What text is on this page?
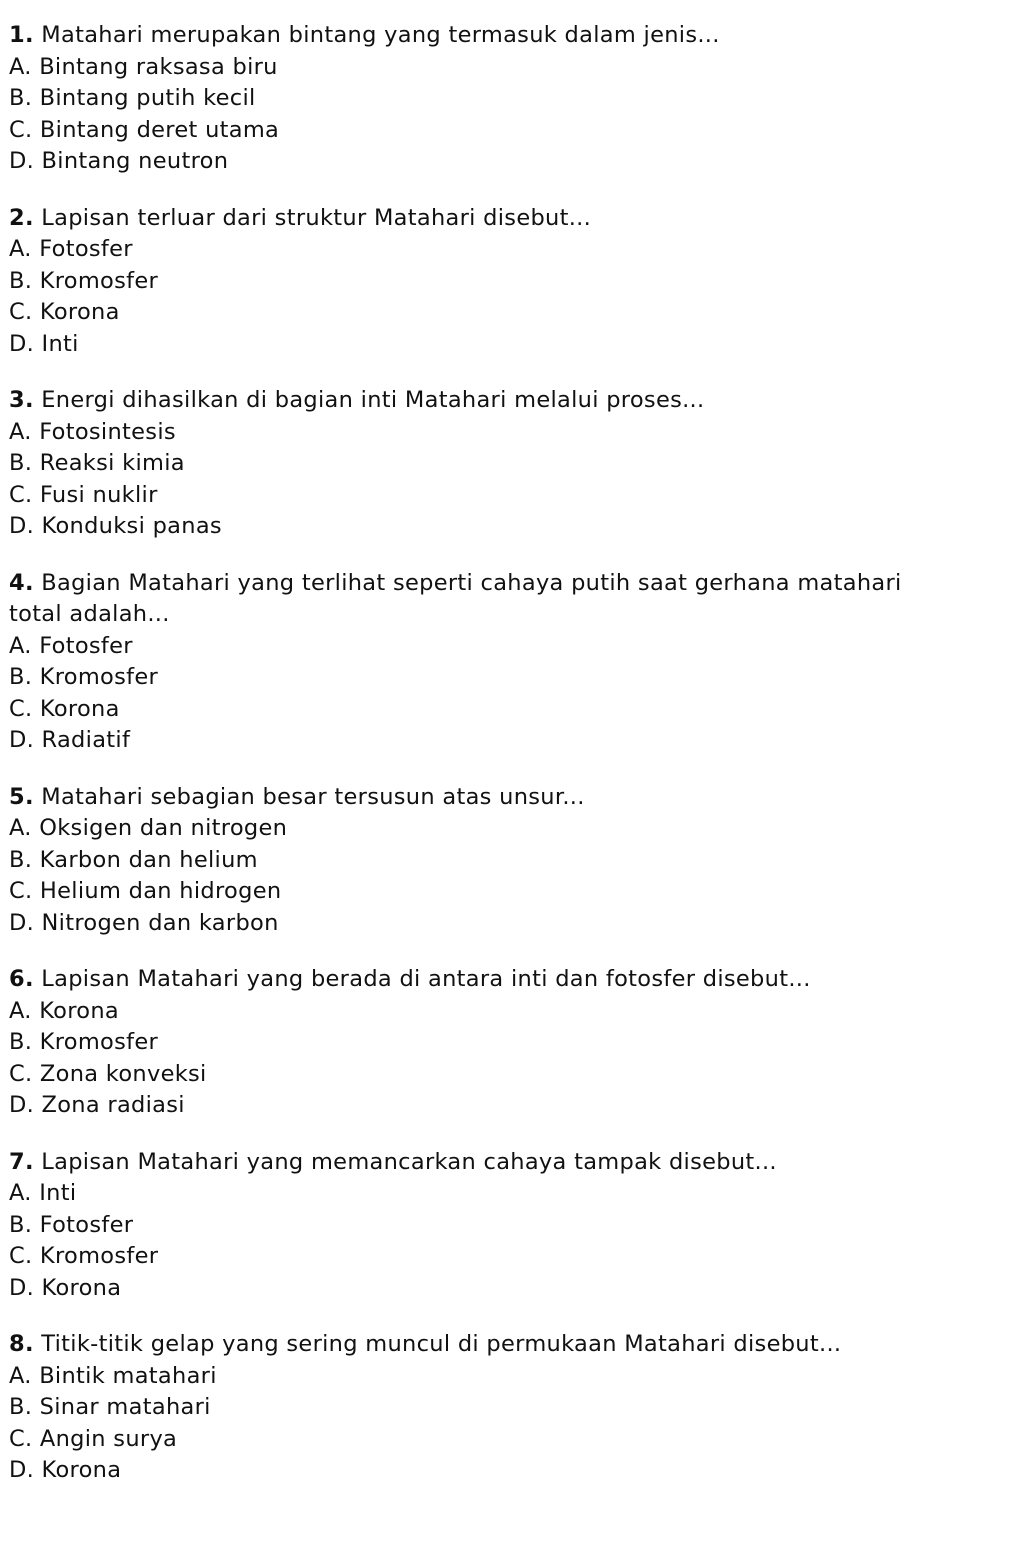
1. Matahari merupakan bintang yang termasuk dalam jenis...

A. Bintang raksasa biru

B. Bintang putih kecil

C. Bintang deret utama

D. Bintang neutron

2. Lapisan terluar dari struktur Matahari disebut...

A. Fotosfer

B. Kromosfer

C. Korona

D. Inti

3. Energi dihasilkan di bagian inti Matahari melalui proses...

A. Fotosintesis

B. Reaksi kimia

C. Fusi nuklir

D. Konduksi panas

4. Bagian Matahari yang terlihat seperti cahaya putih saat gerhana matahari total adalah...

A. Fotosfer

B. Kromosfer

C. Korona

D. Radiatif

5. Matahari sebagian besar tersusun atas unsur...

A. Oksigen dan nitrogen

B. Karbon dan helium

C. Helium dan hidrogen

D. Nitrogen dan karbon

6. Lapisan Matahari yang berada di antara inti dan fotosfer disebut...

A. Korona

B. Kromosfer

C. Zona konveksi

D. Zona radiasi

7. Lapisan Matahari yang memancarkan cahaya tampak disebut...

A. Inti

B. Fotosfer

C. Kromosfer

D. Korona

8. Titik-titik gelap yang sering muncul di permukaan Matahari disebut...

A. Bintik matahari

B. Sinar matahari

C. Angin surya

D. Korona
